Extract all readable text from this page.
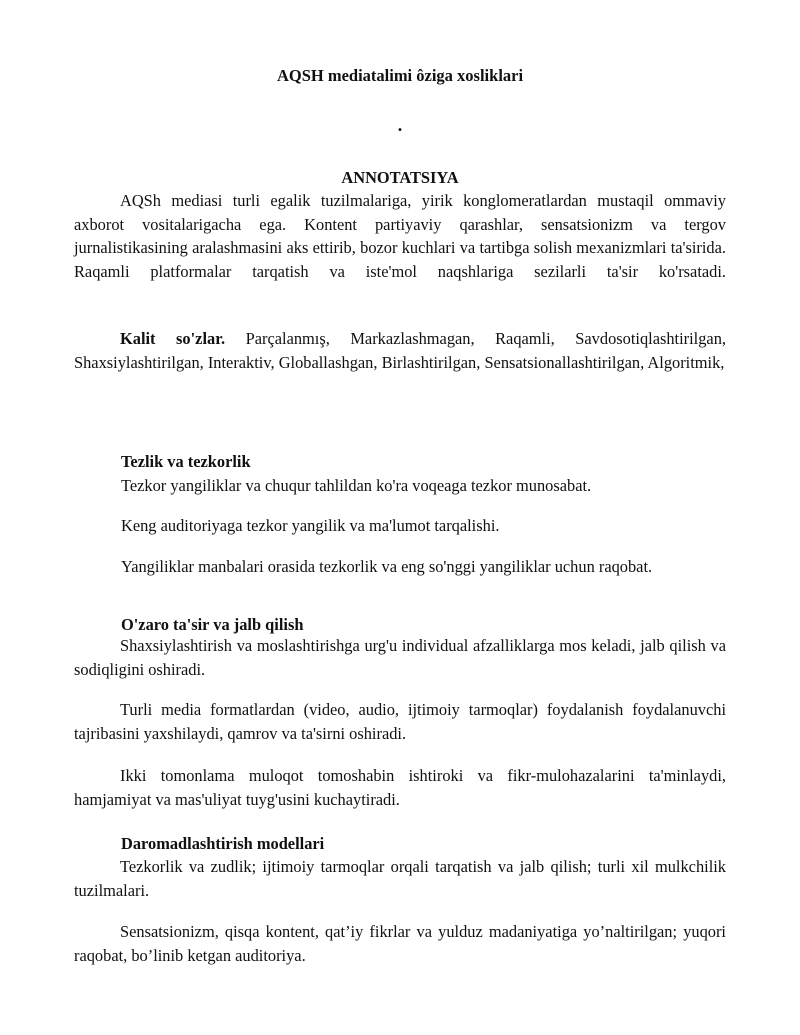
AQSH mediatalimi ôziga xosliklari
.
ANNOTATSIYA

AQSh mediasi turli egalik tuzilmalariga, yirik konglomeratlardan mustaqil ommaviy axborot vositalarigacha ega. Kontent partiyaviy qarashlar, sensatsionizm va tergov jurnalistikasining aralashmasini aks ettirib, bozor kuchlari va tartibga solish mexanizmlari ta'sirida. Raqamli platformalar tarqatish va iste'mol naqshlariga sezilarli ta'sir ko'rsatadi.

Kalit so'zlar. Parçalanmış, Markazlashmagan, Raqamli, Savdosotiqlashtirilgan, Shaxsiylashtirilgan, Interaktiv, Globallashgan, Birlashtirilgan, Sensatsionallashtirilgan, Algoritmik,

Tezlik va tezkorlik

Tezkor yangiliklar va chuqur tahlildan ko'ra voqeaga tezkor munosabat.

Keng auditoriyaga tezkor yangilik va ma'lumot tarqalishi.

Yangiliklar manbalari orasida tezkorlik va eng so'nggi yangiliklar uchun raqobat.

O'zaro ta'sir va jalb qilish

Shaxsiylashtirish va moslashtirishga urg'u individual afzalliklarga mos keladi, jalb qilish va sodiqligini oshiradi.

Turli media formatlardan (video, audio, ijtimoiy tarmoqlar) foydalanish foydalanuvchi tajribasini yaxshilaydi, qamrov va ta'sirni oshiradi.

Ikki tomonlama muloqot tomoshabin ishtiroki va fikr-mulohazalarini ta'minlaydi, hamjamiyat va mas'uliyat tuyg'usini kuchaytiradi.

Daromadlashtirish modellari

Tezkorlik va zudlik; ijtimoiy tarmoqlar orqali tarqatish va jalb qilish; turli xil mulkchilik tuzilmalari.

Sensatsionizm, qisqa kontent, qat’iy fikrlar va yulduz madaniyatiga yo’naltirilgan; yuqori raqobat, bo’linib ketgan auditoriya.
